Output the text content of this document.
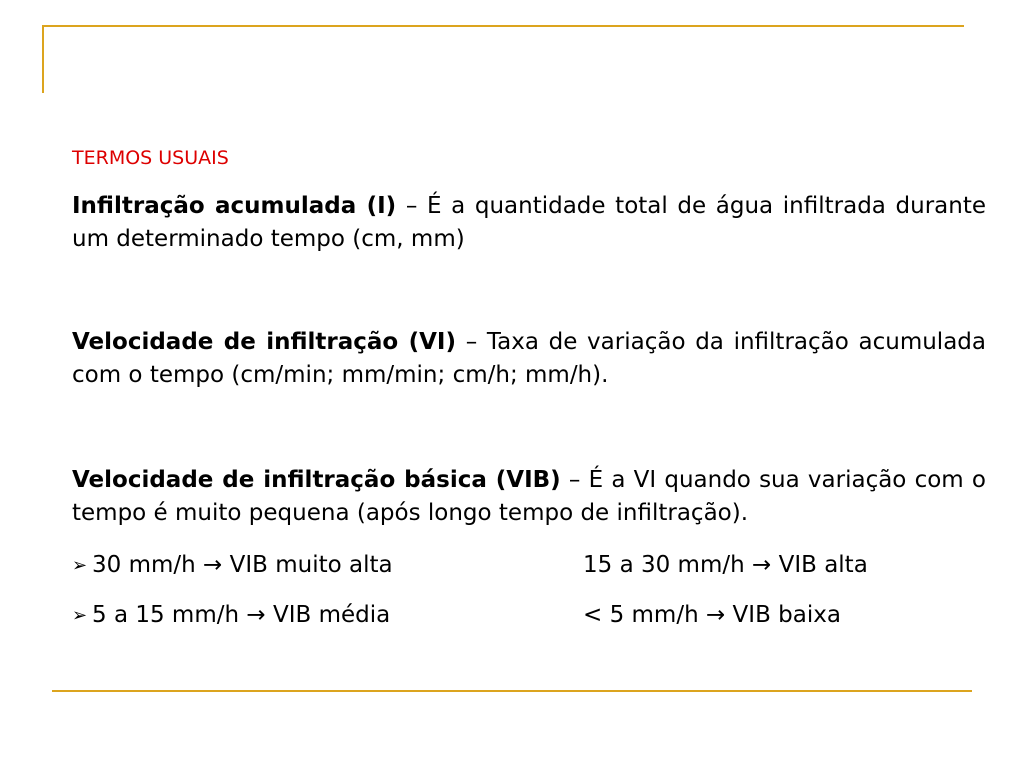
TERMOS USUAIS
Infiltração acumulada (I) – É a quantidade total de água infiltrada durante um determinado tempo (cm, mm)
Velocidade de infiltração (VI) – Taxa de variação da infiltração acumulada com o tempo (cm/min; mm/min; cm/h; mm/h).
Velocidade de infiltração básica (VIB) – É a VI quando sua variação com o tempo é muito pequena (após longo tempo de infiltração).
➢ 30 mm/h → VIB muito alta	15 a 30 mm/h → VIB alta
➢ 5 a 15 mm/h → VIB média	< 5 mm/h → VIB baixa
